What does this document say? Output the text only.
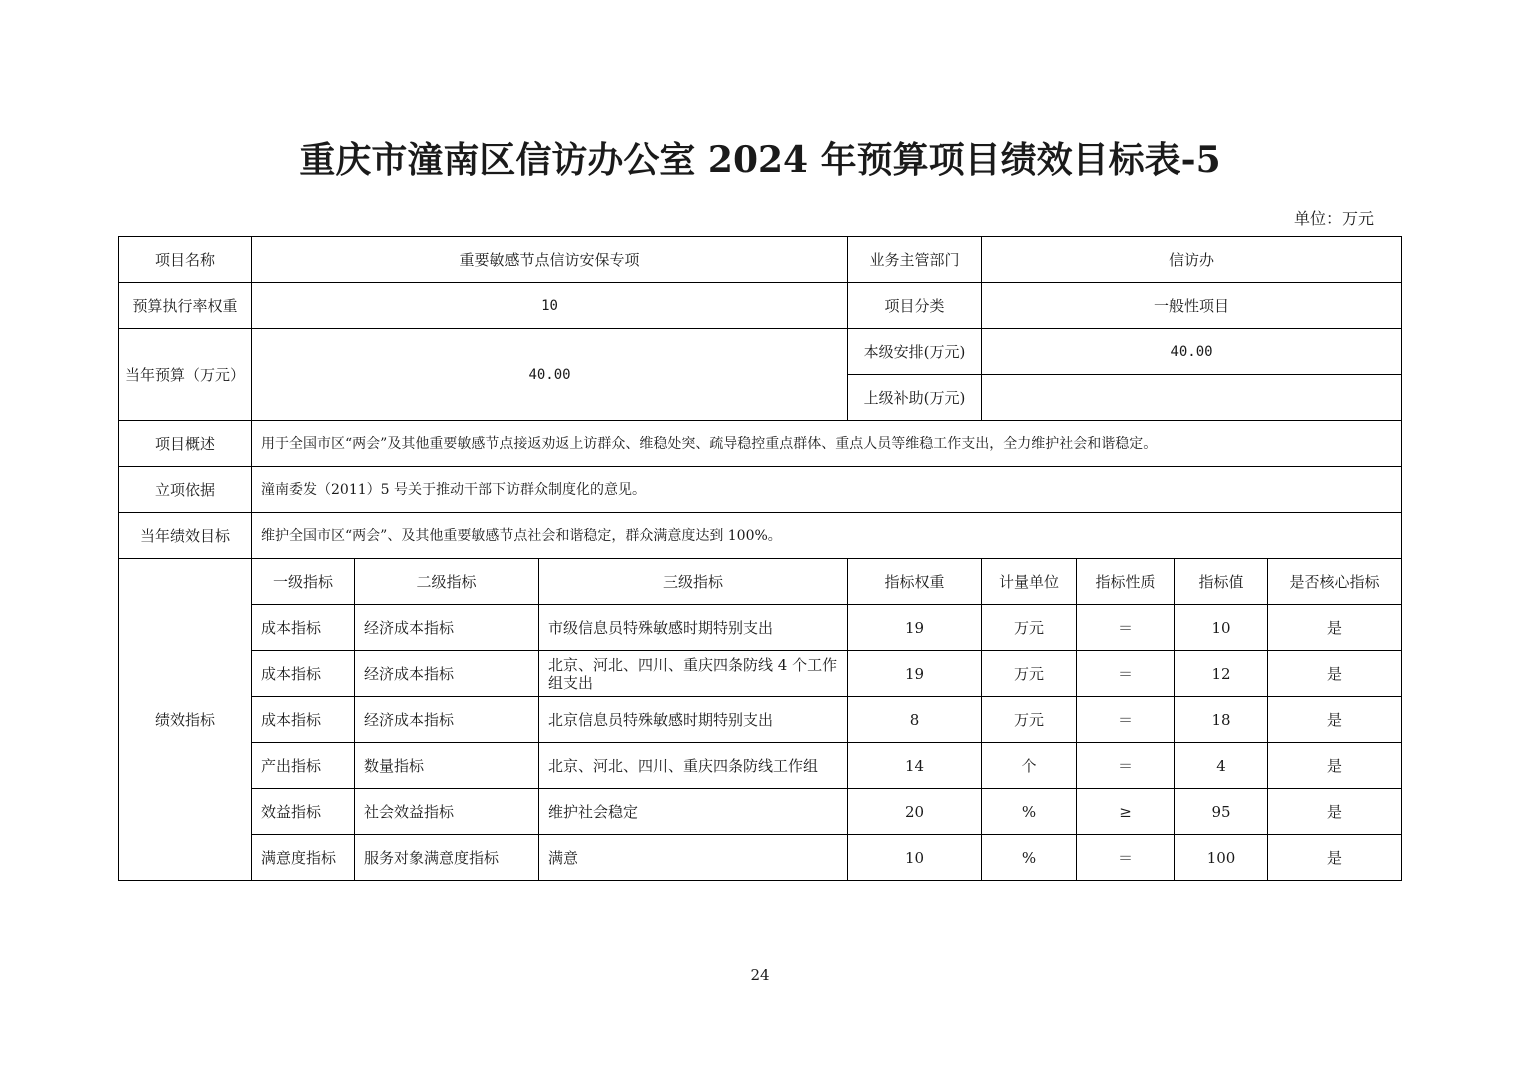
重庆市潼南区信访办公室 2024 年预算项目绩效目标表-5
单位：万元
项目名称	重要敏感节点信访安保专项			业务主管部门	信访办			
预算执行率权重	10			项目分类	一般性项目			
当年预算（万元）	40.00			本级安排(万元)	40.00			
				上级补助(万元)				
项目概述	用于全国市区“两会”及其他重要敏感节点接返劝返上访群众、维稳处突、疏导稳控重点群体、重点人员等维稳工作支出，全力维护社会和谐稳定。							
立项依据	潼南委发（2011）5 号关于推动干部下访群众制度化的意见。							
当年绩效目标	维护全国市区“两会”、及其他重要敏感节点社会和谐稳定，群众满意度达到 100%。							
绩效指标	一级指标	二级指标	三级指标	指标权重	计量单位	指标性质	指标值	是否核心指标
	成本指标	经济成本指标	市级信息员特殊敏感时期特别支出	19	万元	＝	10	是
	成本指标	经济成本指标	北京、河北、四川、重庆四条防线 4 个工作组支出	19	万元	＝	12	是
	成本指标	经济成本指标	北京信息员特殊敏感时期特别支出	8	万元	＝	18	是
	产出指标	数量指标	北京、河北、四川、重庆四条防线工作组	14	个	＝	4	是
	效益指标	社会效益指标	维护社会稳定	20	%	≥	95	是
	满意度指标	服务对象满意度指标	满意	10	%	＝	100	是
24
